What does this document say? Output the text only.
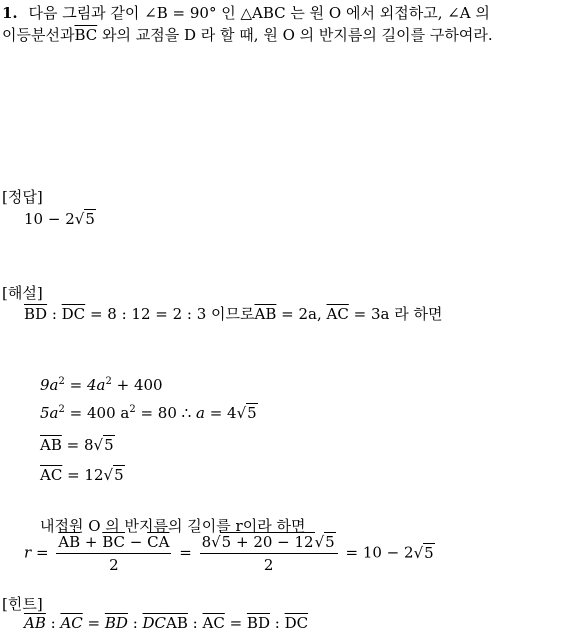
1. 다음 그림과 같이 ∠B = 90° 인 △ABC 는 원 O 에서 외접하고, ∠A 의
이등분선과$\overline{BC}$ 와의 교점을 D 라 할 때, 원 O 의 반지름의 길이를 구하여라.
[정답]
10 − 2√5
[해설]
$\overline{BD}$ : $\overline{DC} = 8$ : 12 = 2 : 3 이므로$\overline{AB} = 2a$, $\overline{AC} = 3a$ 라 하면
$9a^2 = 4a^2 + 400$
$5a^2 = 400$ $a^2 = 80$ ∴ a = 4√5
$\overline{AB} = 8√5$
$\overline{AC} = 12√5$
내접원 O 의 반지름의 길이를 r이라 하면
$r = \frac{\overline{AB} + \overline{BC} - \overline{CA}}{2} = \frac{8√5 + 20 - 12√5}{2} = 10 - 2√5$
[힌트]
$\overline{AB}$ : $\overline{AC} = \overline{BD}$ : $\overline{DC}\overline{AB}$ : $\overline{AC} = \overline{BD}$ : $\overline{DC}$
